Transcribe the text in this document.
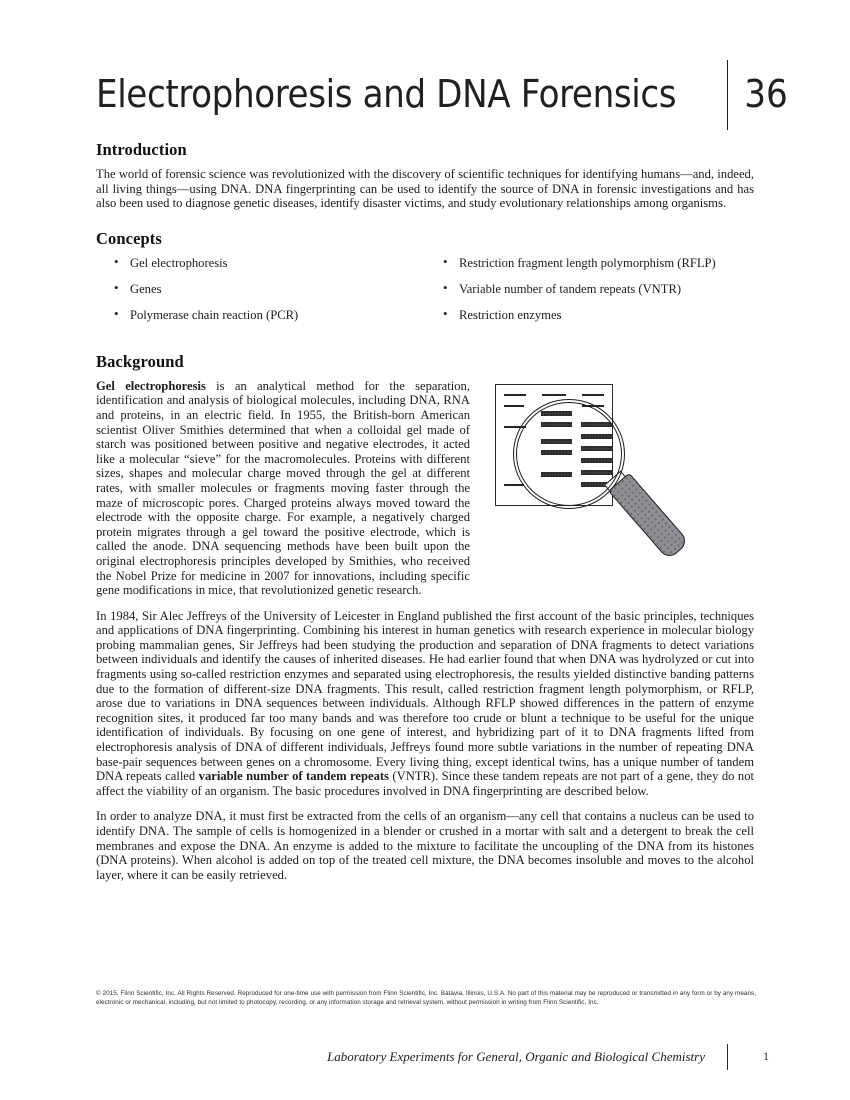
Electrophoresis and DNA Forensics	36
Introduction

The world of forensic science was revolutionized with the discovery of scientific techniques for identifying humans—and, indeed, all living things—using DNA. DNA fingerprinting can be used to identify the source of DNA in forensic investigations and has also been used to diagnose genetic diseases, identify disaster victims, and study evolutionary relationships among organisms.

Concepts
• Gel electrophoresis
• Genes
• Polymerase chain reaction (PCR)
• Restriction fragment length polymorphism (RFLP)
• Variable number of tandem repeats (VNTR)
• Restriction enzymes
Background

Gel electrophoresis is an analytical method for the separation, identification and analysis of biological molecules, including DNA, RNA and proteins, in an electric field. In 1955, the British-born American scientist Oliver Smithies determined that when a colloidal gel made of starch was positioned between positive and negative electrodes, it acted like a molecular “sieve” for the macromolecules. Proteins with different sizes, shapes and molecular charge moved through the gel at different rates, with smaller molecules or fragments moving faster through the maze of microscopic pores. Charged proteins always moved toward the electrode with the opposite charge. For example, a negatively charged protein migrates through a gel toward the positive electrode, which is called the anode. DNA sequencing methods have been built upon the original electrophoresis principles developed by Smithies, who received the Nobel Prize for medicine in 2007 for innovations, including specific gene modifications in mice, that revolutionized genetic research.

In 1984, Sir Alec Jeffreys of the University of Leicester in England published the first account of the basic principles, techniques and applications of DNA fingerprinting. Combining his interest in human genetics with research experience in molecular biology probing mammalian genes, Sir Jeffreys had been studying the production and separation of DNA fragments to detect variations between individuals and identify the causes of inherited diseases. He had earlier found that when DNA was hydrolyzed or cut into fragments using so-called restriction enzymes and separated using electrophoresis, the results yielded distinctive banding patterns due to the formation of different-size DNA fragments. This result, called restriction fragment length polymorphism, or RFLP, arose due to variations in DNA sequences between individuals. Although RFLP showed differences in the pattern of enzyme recognition sites, it produced far too many bands and was therefore too crude or blunt a technique to be useful for the unique identification of individuals. By focusing on one gene of interest, and hybridizing part of it to DNA fragments lifted from electrophoresis analysis of DNA of different individuals, Jeffreys found more subtle variations in the number of repeating DNA base-pair sequences between genes on a chromosome. Every living thing, except identical twins, has a unique number of tandem DNA repeats called variable number of tandem repeats (VNTR). Since these tandem repeats are not part of a gene, they do not affect the viability of an organism. The basic procedures involved in DNA fingerprinting are described below.

In order to analyze DNA, it must first be extracted from the cells of an organism—any cell that contains a nucleus can be used to identify DNA. The sample of cells is homogenized in a blender or crushed in a mortar with salt and a detergent to break the cell membranes and expose the DNA. An enzyme is added to the mixture to facilitate the uncoupling of the DNA from its histones (DNA proteins). When alcohol is added on top of the treated cell mixture, the DNA becomes insoluble and moves to the alcohol layer, where it can be easily retrieved.

© 2015, Flinn Scientific, Inc. All Rights Reserved. Reproduced for one-time use with permission from Flinn Scientific, Inc. Batavia, Illinois, U.S.A. No part of this material may be reproduced or transmitted in any form or by any means, electronic or mechanical, including, but not limited to photocopy, recording, or any information storage and retrieval system, without permission in writing from Flinn Scientific, Inc.
Laboratory Experiments for General, Organic and Biological Chemistry	1
